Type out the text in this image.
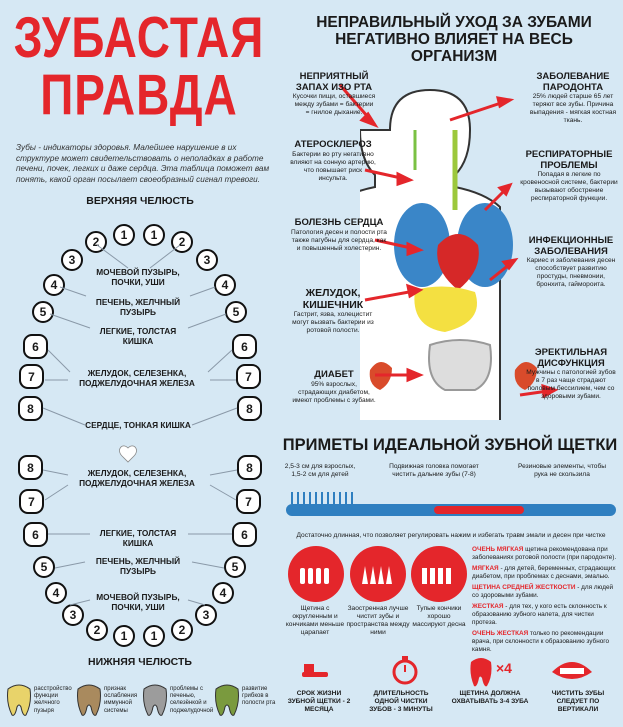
ЗУБАСТАЯ
ПРАВДА
Зубы - индикаторы здоровья. Малейшее нарушение в их структуре может свидетельствовать о неполадках в работе печени, почек, легких и даже сердца. Эта таблица поможет вам понять, какой орган посылает своеобразный сигнал тревоги.
ВЕРХНЯЯ ЧЕЛЮСТЬ
НИЖНЯЯ ЧЕЛЮСТЬ
1
2
3
4
5
6
7
8
1	2
3
4
5
6
7
8
8
7
6
5
4
3
2	1
8
7
6
5
4
3
2
1
МОЧЕВОЙ ПУЗЫРЬ, ПОЧКИ, УШИ
ПЕЧЕНЬ, ЖЕЛЧНЫЙ ПУЗЫРЬ
ЛЕГКИЕ, ТОЛСТАЯ КИШКА
ЖЕЛУДОК, СЕЛЕЗЕНКА, ПОДЖЕЛУДОЧНАЯ ЖЕЛЕЗА
СЕРДЦЕ, ТОНКАЯ КИШКА
ЖЕЛУДОК, СЕЛЕЗЕНКА, ПОДЖЕЛУДОЧНАЯ ЖЕЛЕЗА
ЛЕГКИЕ, ТОЛСТАЯ КИШКА
ПЕЧЕНЬ, ЖЕЛЧНЫЙ ПУЗЫРЬ
МОЧЕВОЙ ПУЗЫРЬ, ПОЧКИ, УШИ
расстройство функции желчного пузыря
признак ослабления иммунной системы
проблемы с печенью, селезёнкой и поджелудочной
развитие грибков в полости рта
НЕПРАВИЛЬНЫЙ УХОД ЗА ЗУБАМИ НЕГАТИВНО ВЛИЯЕТ НА ВЕСЬ ОРГАНИЗМ
НЕПРИЯТНЫЙ ЗАПАХ ИЗО РТА
Кусочки пищи, оставшиеся между зубами = бактерии = гнилое дыхание.
АТЕРОСКЛЕРОЗ
Бактерии во рту негативно влияют на сонную артерию, что повышает риск инсульта.
БОЛЕЗНЬ СЕРДЦА
Патология десен и полости рта также пагубны для сердца, как и повышенный холестерин.
ЖЕЛУДОК, КИШЕЧНИК
Гастрит, язва, холецистит могут вызвать бактерии из ротовой полости.
ДИАБЕТ
95% взрослых, страдающих диабетом, имеют проблемы с зубами.
ЗАБОЛЕВАНИЕ ПАРОДОНТА
25% людей старше 65 лет теряют все зубы. Причина выпадения - мягкая костная ткань.
РЕСПИРАТОРНЫЕ ПРОБЛЕМЫ
Попадая в легкие по кровеносной системе, бактерии вызывают обострение респираторной функции.
ИНФЕКЦИОННЫЕ ЗАБОЛЕВАНИЯ
Кариес и заболевания десен способствует развитию простуды, пневмонии, бронхита, гаймороита.
ЭРЕКТИЛЬНАЯ ДИСФУНКЦИЯ
Мужчины с патологией зубов в 7 раз чаще страдают половым бессилием, чем со здоровыми зубами.
ПРИМЕТЫ ИДЕАЛЬНОЙ ЗУБНОЙ ЩЕТКИ
2,5-3 см для взрослых, 1,5-2 см для детей
Подвижная головка помогает чистить дальние зубы (7-8)
Резиновые элементы, чтобы рука не скользила
Достаточно длинная, что позволяет регулировать нажим и избегать травм эмали и десен при чистке
Щетина с округленным и кончиками меньше царапает
Заостренная лучше чистит зубы и пространства между ними
Тупые кончики хорошо массируют десна
ОЧЕНЬ МЯГКАЯ щетина рекомендована при заболеваниях ротовой полости (при пародонте).
МЯГКАЯ - для детей, беременных, страдающих диабетом, при проблемах с деснами, эмалью.
ЩЕТИНА СРЕДНЕЙ ЖЕСТКОСТИ - для людей со здоровыми зубами.
ЖЕСТКАЯ - для тех, у кого есть склонность к образованию зубного налета, для чистки протеза.
ОЧЕНЬ ЖЕСТКАЯ только по рекомендации врача, при склонности к образованию зубного камня.
×4
СРОК ЖИЗНИ ЗУБНОЙ ЩЕТКИ - 2 МЕСЯЦА
ДЛИТЕЛЬНОСТЬ ОДНОЙ ЧИСТКИ ЗУБОВ - 3 МИНУТЫ
ЩЕТИНА ДОЛЖНА ОХВАТЫВАТЬ 3-4 ЗУБА
ЧИСТИТЬ ЗУБЫ СЛЕДУЕТ ПО ВЕРТИКАЛИ
